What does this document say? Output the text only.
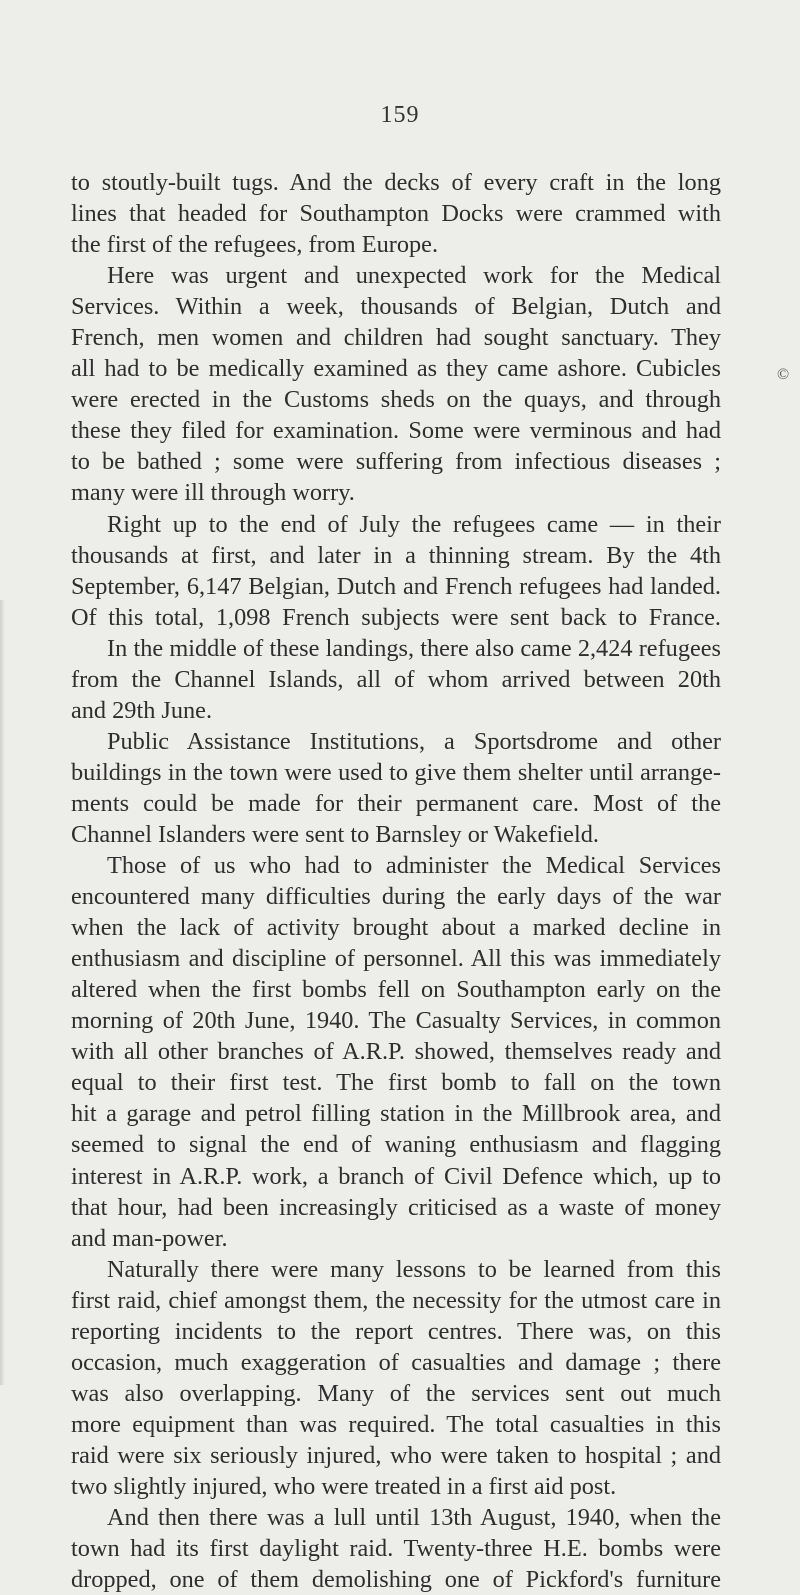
159
©
to stoutly-built tugs. And the decks of every craft in the long
lines that headed for Southampton Docks were crammed with
the first of the refugees, from Europe.
Here was urgent and unexpected work for the Medical
Services. Within a week, thousands of Belgian, Dutch and
French, men women and children had sought sanctuary. They
all had to be medically examined as they came ashore. Cubicles
were erected in the Customs sheds on the quays, and through
these they filed for examination. Some were verminous and had
to be bathed ; some were suffering from infectious diseases ;
many were ill through worry.
Right up to the end of July the refugees came — in their
thousands at first, and later in a thinning stream. By the 4th
September, 6,147 Belgian, Dutch and French refugees had landed.
Of this total, 1,098 French subjects were sent back to France.
In the middle of these landings, there also came 2,424 refugees
from the Channel Islands, all of whom arrived between 20th
and 29th June.
Public Assistance Institutions, a Sportsdrome and other
buildings in the town were used to give them shelter until arrange-
ments could be made for their permanent care. Most of the
Channel Islanders were sent to Barnsley or Wakefield.
Those of us who had to administer the Medical Services
encountered many difficulties during the early days of the war
when the lack of activity brought about a marked decline in
enthusiasm and discipline of personnel. All this was immediately
altered when the first bombs fell on Southampton early on the
morning of 20th June, 1940. The Casualty Services, in common
with all other branches of A.R.P. showed, themselves ready and
equal to their first test. The first bomb to fall on the town
hit a garage and petrol filling station in the Millbrook area, and
seemed to signal the end of waning enthusiasm and flagging
interest in A.R.P. work, a branch of Civil Defence which, up to
that hour, had been increasingly criticised as a waste of money
and man-power.
Naturally there were many lessons to be learned from this
first raid, chief amongst them, the necessity for the utmost care in
reporting incidents to the report centres. There was, on this
occasion, much exaggeration of casualties and damage ; there
was also overlapping. Many of the services sent out much
more equipment than was required. The total casualties in this
raid were six seriously injured, who were taken to hospital ; and
two slightly injured, who were treated in a first aid post.
And then there was a lull until 13th August, 1940, when the
town had its first daylight raid. Twenty-three H.E. bombs were
dropped, one of them demolishing one of Pickford's furniture
